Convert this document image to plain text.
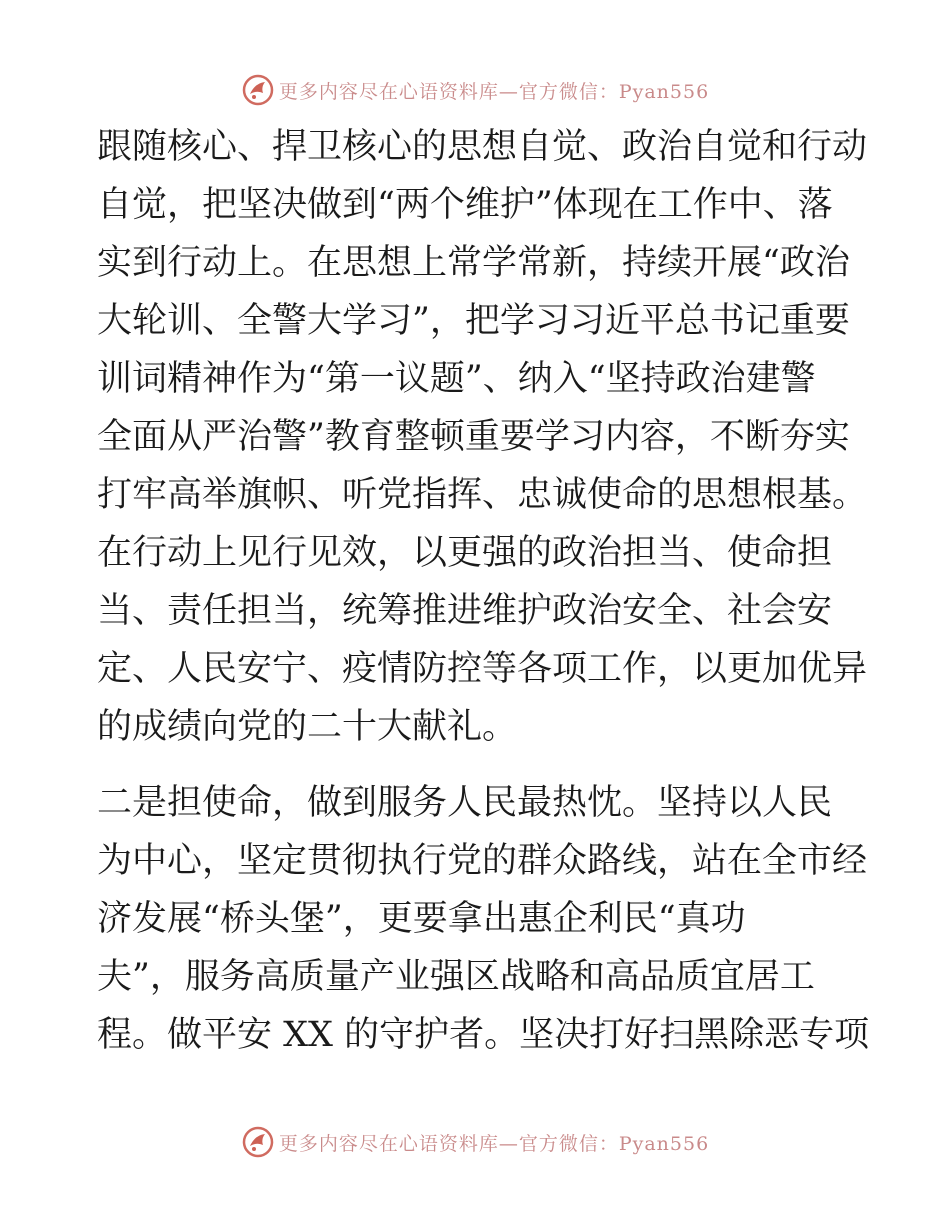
更多内容尽在心语资料库—官方微信：Pyan556
跟随核心、捍卫核心的思想自觉、政治自觉和行动
自觉，把坚决做到“两个维护”体现在工作中、落
实到行动上。在思想上常学常新，持续开展“政治
大轮训、全警大学习”，把学习习近平总书记重要
训词精神作为“第一议题”、纳入“坚持政治建警
全面从严治警”教育整顿重要学习内容，不断夯实
打牢高举旗帜、听党指挥、忠诚使命的思想根基。
在行动上见行见效，以更强的政治担当、使命担
当、责任担当，统筹推进维护政治安全、社会安
定、人民安宁、疫情防控等各项工作，以更加优异
的成绩向党的二十大献礼。
二是担使命，做到服务人民最热忱。坚持以人民
为中心，坚定贯彻执行党的群众路线，站在全市经
济发展“桥头堡”，更要拿出惠企利民“真功
夫”，服务高质量产业强区战略和高品质宜居工
程。做平安 XX 的守护者。坚决打好扫黑除恶专项
更多内容尽在心语资料库—官方微信：Pyan556
